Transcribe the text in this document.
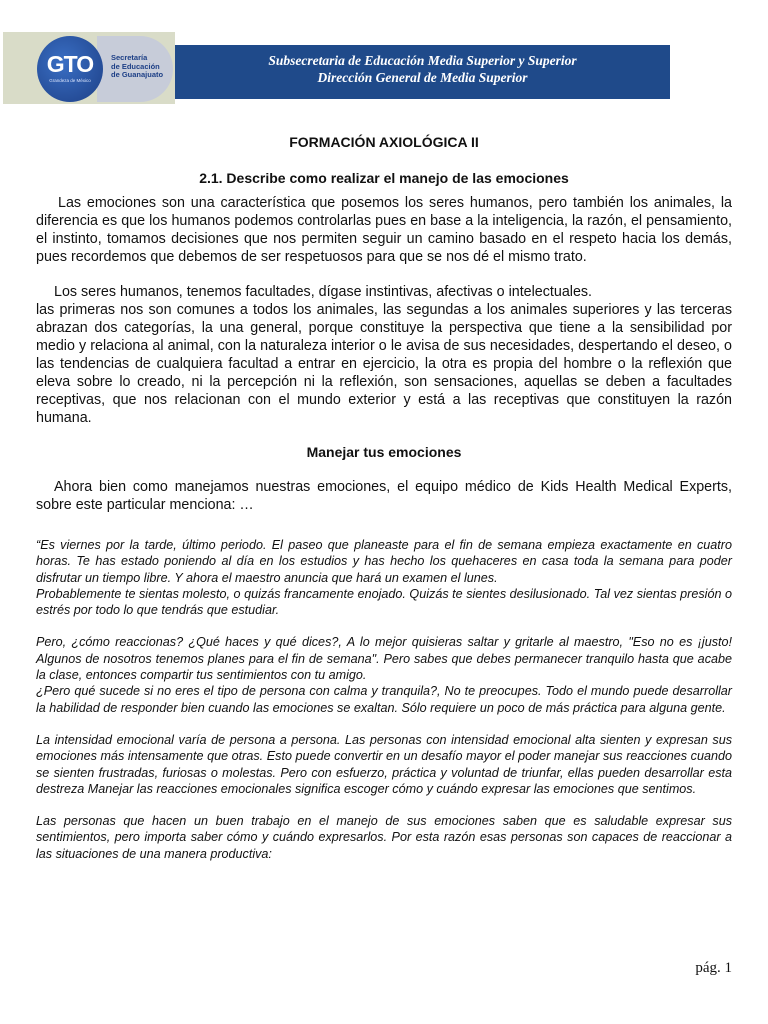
GTO
Grandeza de México
Secretaría
de Educación
de Guanajuato
Subsecretaria de Educación Media Superior y Superior
Dirección General de Media Superior
FORMACIÓN AXIOLÓGICA II
2.1. Describe como realizar el manejo de las emociones

Las emociones son una característica que posemos los seres humanos, pero también los animales, la diferencia es que los humanos podemos controlarlas pues en base a la inteligencia, la razón, el pensamiento, el instinto, tomamos decisiones que nos permiten seguir un camino basado en el respeto hacia los demás, pues recordemos que debemos de ser respetuosos para que se nos dé el mismo trato.

Los seres humanos, tenemos facultades, dígase instintivas, afectivas o intelectuales.

las primeras nos son comunes a todos los animales, las segundas a los animales superiores y las terceras abrazan dos categorías, la una general, porque constituye la perspectiva que tiene a la sensibilidad por medio y relaciona al animal, con la naturaleza interior o le avisa de sus necesidades, despertando el deseo, o las tendencias de cualquiera facultad a entrar en ejercicio, la otra es propia del hombre o la reflexión que eleva sobre lo creado, ni la percepción ni la reflexión, son sensaciones, aquellas se deben a facultades receptivas, que nos relacionan con el mundo exterior y está a las receptivas que constituyen la razón humana.

Manejar tus emociones

Ahora bien como manejamos nuestras emociones, el equipo médico de Kids Health Medical Experts, sobre este particular menciona: …

“Es viernes por la tarde, último periodo. El paseo que planeaste para el fin de semana empieza exactamente en cuatro horas. Te has estado poniendo al día en los estudios y has hecho los quehaceres en casa toda la semana para poder disfrutar un tiempo libre. Y ahora el maestro anuncia que hará un examen el lunes.

Probablemente te sientas molesto, o quizás francamente enojado. Quizás te sientes desilusionado. Tal vez sientas presión o estrés por todo lo que tendrás que estudiar.

Pero, ¿cómo reaccionas? ¿Qué haces y qué dices?, A lo mejor quisieras saltar y gritarle al maestro, "Eso no es ¡justo! Algunos de nosotros tenemos planes para el fin de semana". Pero sabes que debes permanecer tranquilo hasta que acabe la clase, entonces compartir tus sentimientos con tu amigo.

¿Pero qué sucede si no eres el tipo de persona con calma y tranquila?, No te preocupes. Todo el mundo puede desarrollar la habilidad de responder bien cuando las emociones se exaltan. Sólo requiere un poco de más práctica para alguna gente.

La intensidad emocional varía de persona a persona. Las personas con intensidad emocional alta sienten y expresan sus emociones más intensamente que otras. Esto puede convertir en un desafío mayor el poder manejar sus reacciones cuando se sienten frustradas, furiosas o molestas. Pero con esfuerzo, práctica y voluntad de triunfar, ellas pueden desarrollar esta destreza Manejar las reacciones emocionales significa escoger cómo y cuándo expresar las emociones que sentimos.

Las personas que hacen un buen trabajo en el manejo de sus emociones saben que es saludable expresar sus sentimientos, pero importa saber cómo y cuándo expresarlos. Por esta razón esas personas son capaces de reaccionar a las situaciones de una manera productiva:

pág. 1
